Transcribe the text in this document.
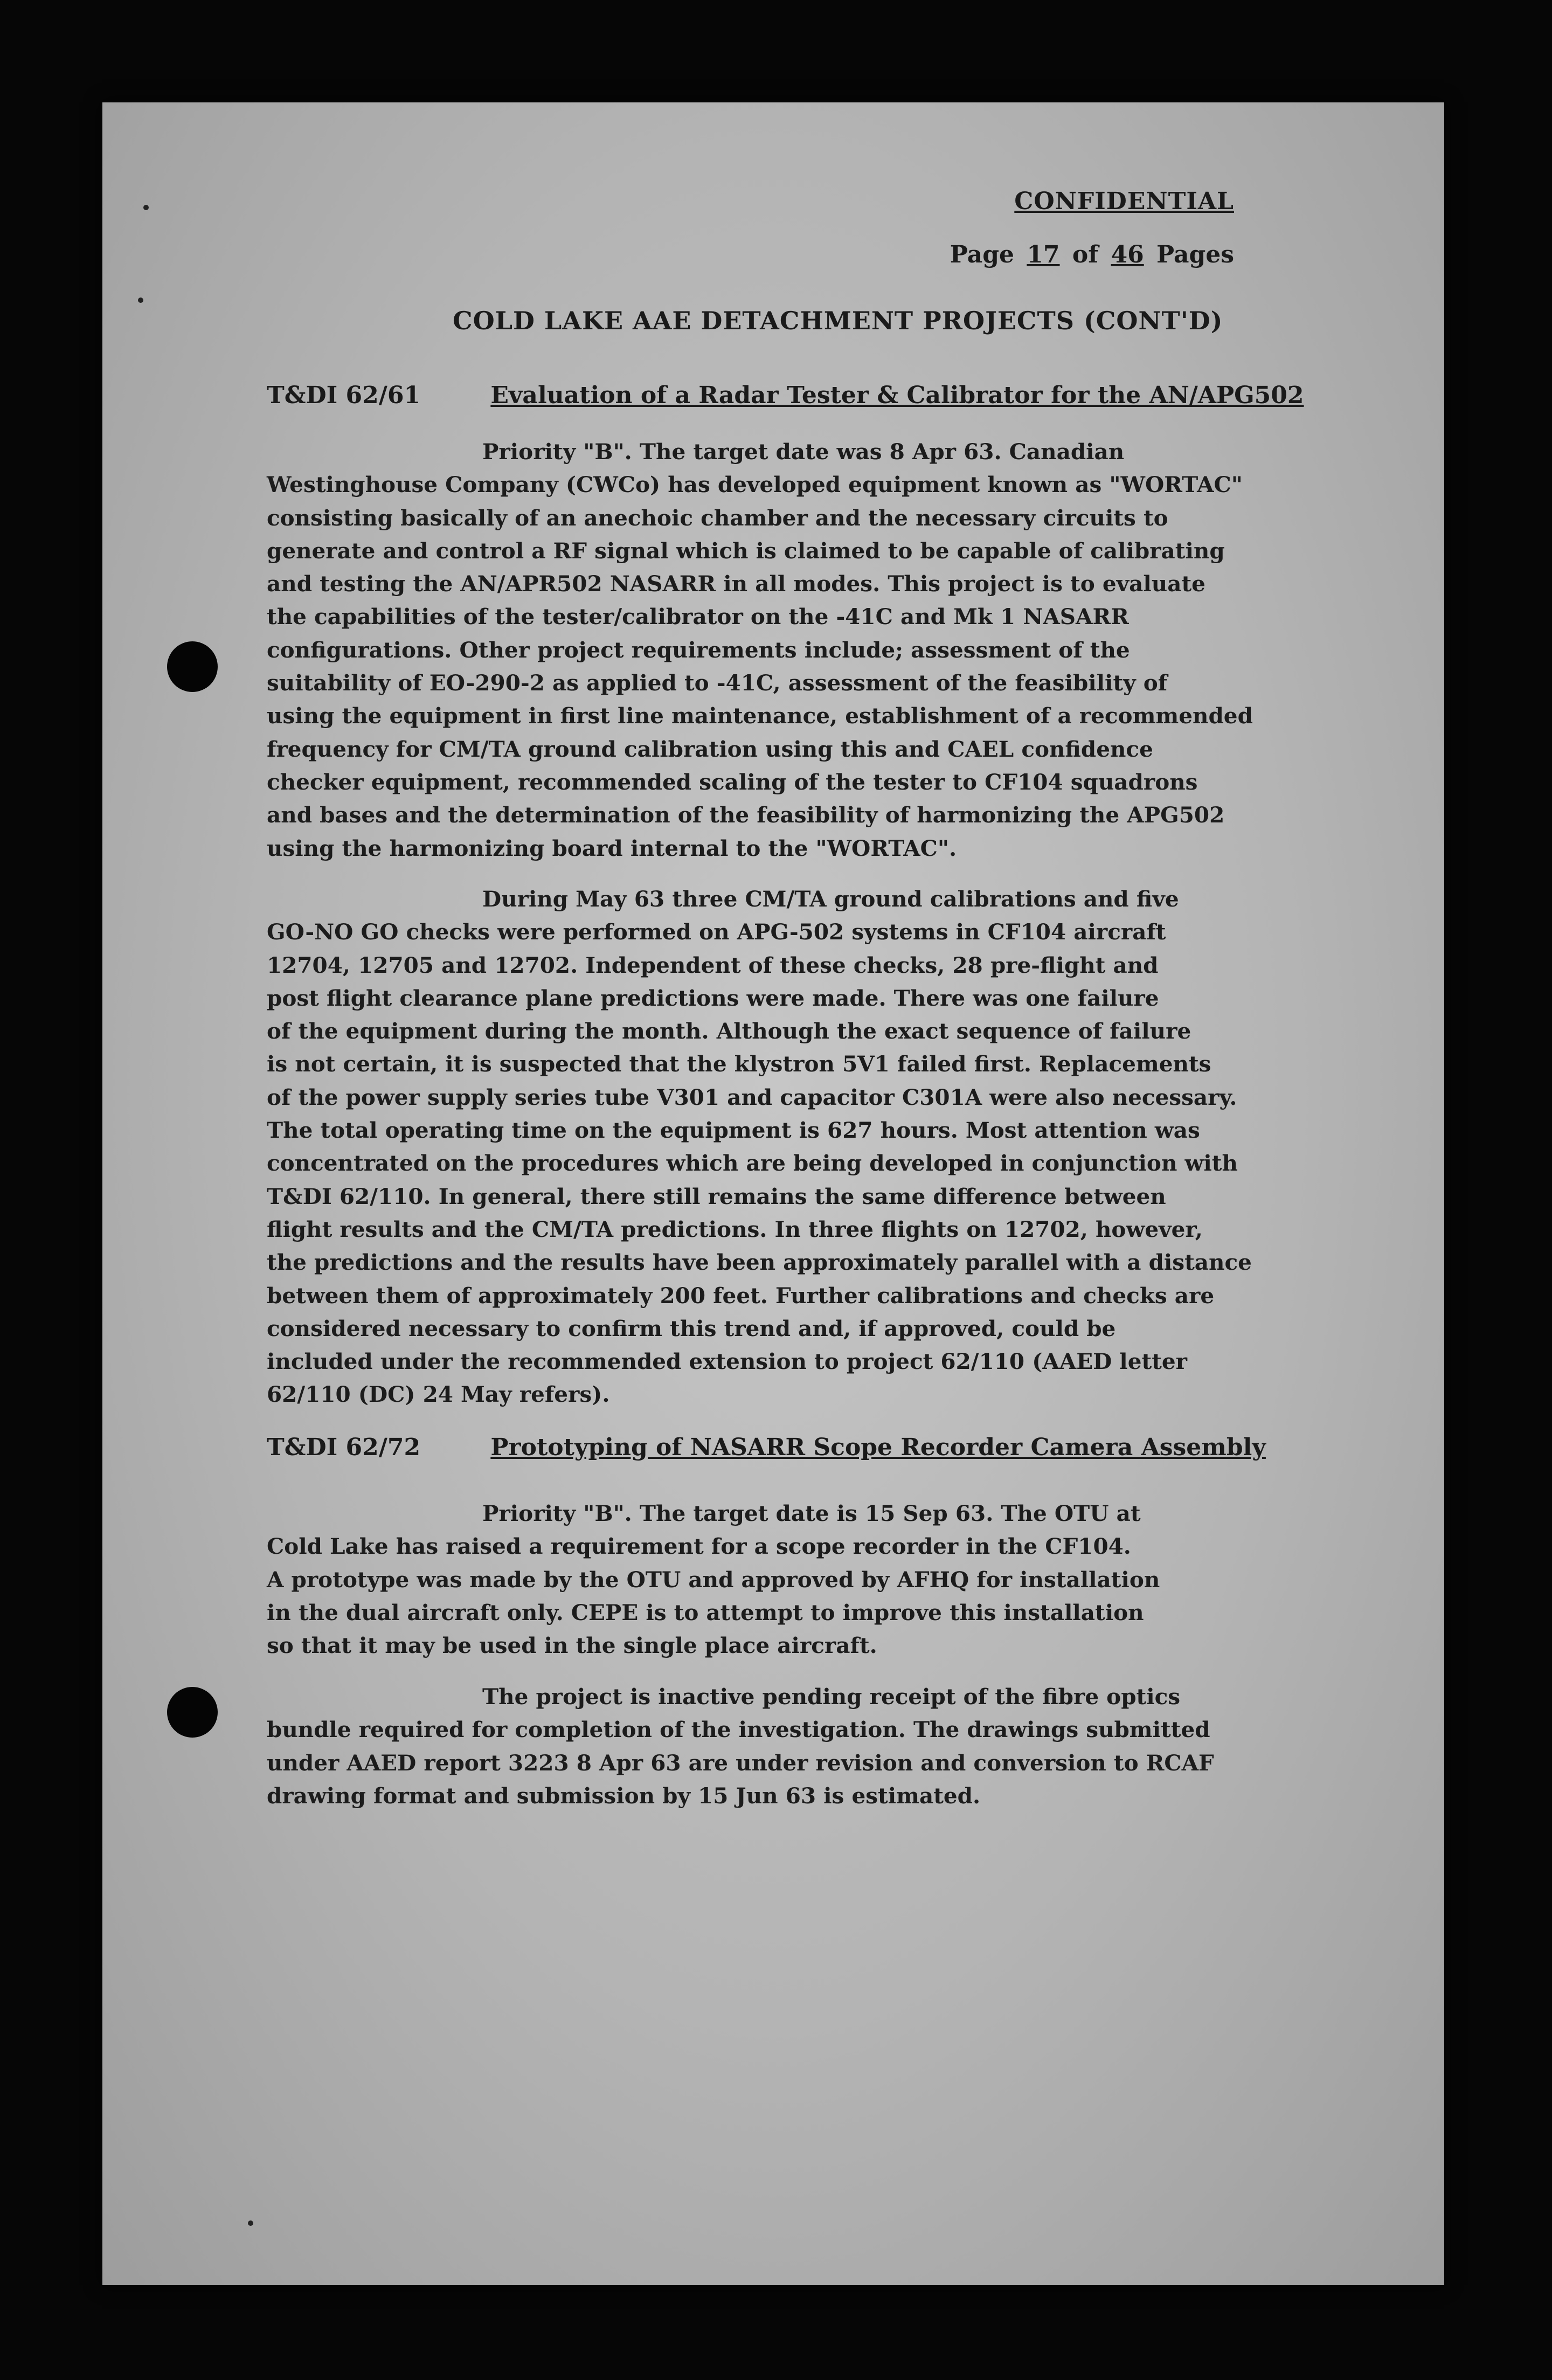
CONFIDENTIAL
Page 17 of 46 Pages
COLD LAKE AAE DETACHMENT PROJECTS (CONT'D)
T&DI 62/61	Evaluation of a Radar Tester & Calibrator for the AN/APG502
Priority "B". The target date was 8 Apr 63. Canadian
Westinghouse Company (CWCo) has developed equipment known as "WORTAC"
consisting basically of an anechoic chamber and the necessary circuits to
generate and control a RF signal which is claimed to be capable of calibrating
and testing the AN/APR502 NASARR in all modes. This project is to evaluate
the capabilities of the tester/calibrator on the -41C and Mk 1 NASARR
configurations. Other project requirements include; assessment of the
suitability of EO-290-2 as applied to -41C, assessment of the feasibility of
using the equipment in first line maintenance, establishment of a recommended
frequency for CM/TA ground calibration using this and CAEL confidence
checker equipment, recommended scaling of the tester to CF104 squadrons
and bases and the determination of the feasibility of harmonizing the APG502
using the harmonizing board internal to the "WORTAC".
During May 63 three CM/TA ground calibrations and five
GO-NO GO checks were performed on APG-502 systems in CF104 aircraft
12704, 12705 and 12702. Independent of these checks, 28 pre-flight and
post flight clearance plane predictions were made. There was one failure
of the equipment during the month. Although the exact sequence of failure
is not certain, it is suspected that the klystron 5V1 failed first. Replacements
of the power supply series tube V301 and capacitor C301A were also necessary.
The total operating time on the equipment is 627 hours. Most attention was
concentrated on the procedures which are being developed in conjunction with
T&DI 62/110. In general, there still remains the same difference between
flight results and the CM/TA predictions. In three flights on 12702, however,
the predictions and the results have been approximately parallel with a distance
between them of approximately 200 feet. Further calibrations and checks are
considered necessary to confirm this trend and, if approved, could be
included under the recommended extension to project 62/110 (AAED letter
62/110 (DC) 24 May refers).
T&DI 62/72	Prototyping of NASARR Scope Recorder Camera Assembly
Priority "B". The target date is 15 Sep 63. The OTU at
Cold Lake has raised a requirement for a scope recorder in the CF104.
A prototype was made by the OTU and approved by AFHQ for installation
in the dual aircraft only. CEPE is to attempt to improve this installation
so that it may be used in the single place aircraft.
The project is inactive pending receipt of the fibre optics
bundle required for completion of the investigation. The drawings submitted
under AAED report 3223 8 Apr 63 are under revision and conversion to RCAF
drawing format and submission by 15 Jun 63 is estimated.
